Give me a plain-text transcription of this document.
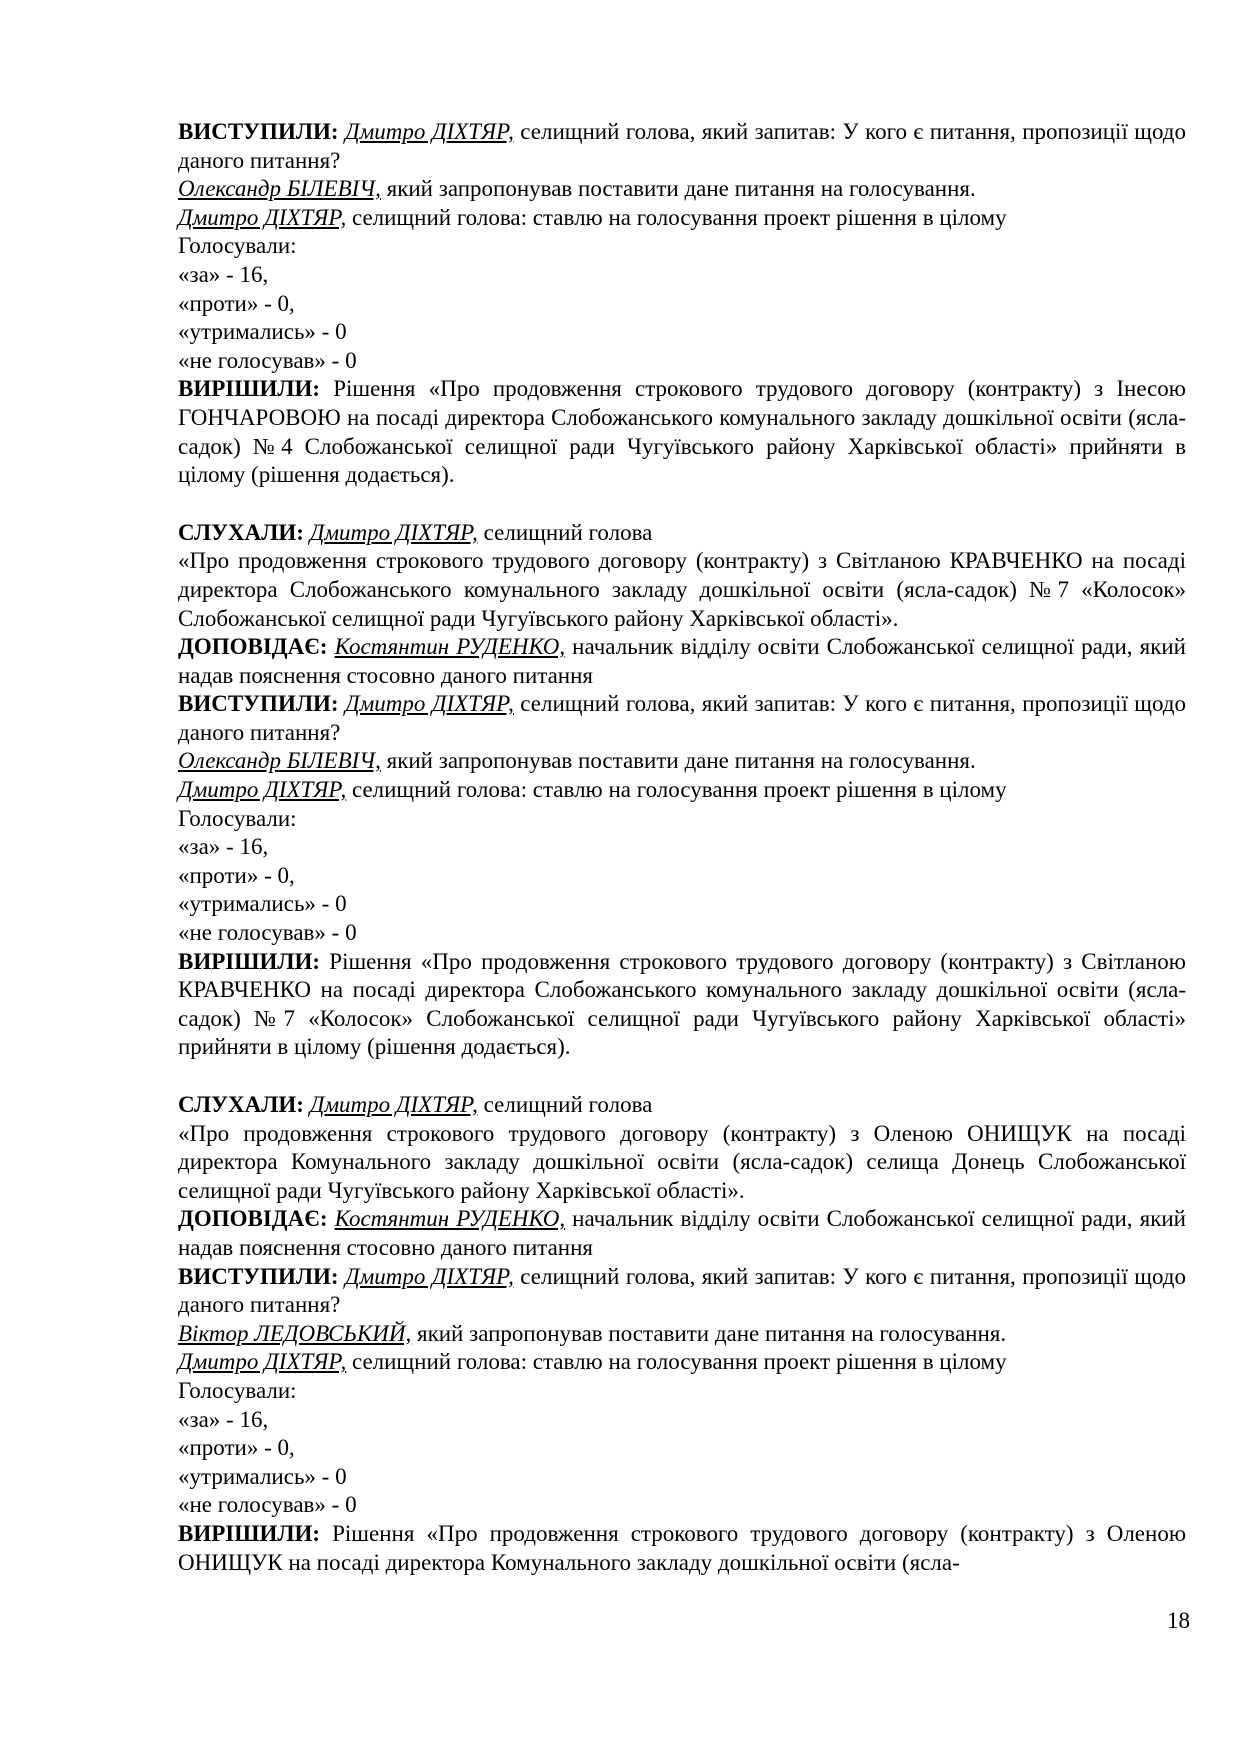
ВИСТУПИЛИ: Дмитро ДІХТЯР, селищний голова, який запитав: У кого є питання, пропозиції щодо даного питання?

Олександр БІЛЕВІЧ, який запропонував поставити дане питання на голосування.

Дмитро ДІХТЯР, селищний голова: ставлю на голосування проект рішення в цілому

Голосували:

«за» - 16,

«проти» - 0,

«утримались» - 0

«не голосував» - 0

ВИРІШИЛИ: Рішення «Про продовження строкового трудового договору (контракту) з Інесою ГОНЧАРОВОЮ на посаді директора Слобожанського комунального закладу дошкільної освіти (ясла-садок) №4 Слобожанської селищної ради Чугуївського району Харківської області» прийняти в цілому (рішення додається).

СЛУХАЛИ: Дмитро ДІХТЯР, селищний голова

«Про продовження строкового трудового договору (контракту) з Світланою КРАВЧЕНКО на посаді директора Слобожанського комунального закладу дошкільної освіти (ясла-садок) №7 «Колосок» Слобожанської селищної ради Чугуївського району Харківської області».

ДОПОВІДАЄ: Костянтин РУДЕНКО, начальник відділу освіти Слобожанської селищної ради, який надав пояснення стосовно даного питання

ВИСТУПИЛИ: Дмитро ДІХТЯР, селищний голова, який запитав: У кого є питання, пропозиції щодо даного питання?

Олександр БІЛЕВІЧ, який запропонував поставити дане питання на голосування.

Дмитро ДІХТЯР, селищний голова: ставлю на голосування проект рішення в цілому

Голосували:

«за» - 16,

«проти» - 0,

«утримались» - 0

«не голосував» - 0

ВИРІШИЛИ: Рішення «Про продовження строкового трудового договору (контракту) з Світланою КРАВЧЕНКО на посаді директора Слобожанського комунального закладу дошкільної освіти (ясла-садок) №7 «Колосок» Слобожанської селищної ради Чугуївського району Харківської області» прийняти в цілому (рішення додається).

СЛУХАЛИ: Дмитро ДІХТЯР, селищний голова

«Про продовження строкового трудового договору (контракту) з Оленою ОНИЩУК на посаді директора Комунального закладу дошкільної освіти (ясла-садок) селища Донець Слобожанської селищної ради Чугуївського району Харківської області».

ДОПОВІДАЄ: Костянтин РУДЕНКО, начальник відділу освіти Слобожанської селищної ради, який надав пояснення стосовно даного питання

ВИСТУПИЛИ: Дмитро ДІХТЯР, селищний голова, який запитав: У кого є питання, пропозиції щодо даного питання?

Віктор ЛЕДОВСЬКИЙ, який запропонував поставити дане питання на голосування.

Дмитро ДІХТЯР, селищний голова: ставлю на голосування проект рішення в цілому

Голосували:

«за» - 16,

«проти» - 0,

«утримались» - 0

«не голосував» - 0

ВИРІШИЛИ: Рішення «Про продовження строкового трудового договору (контракту) з Оленою ОНИЩУК на посаді директора Комунального закладу дошкільної освіти (ясла-

18
